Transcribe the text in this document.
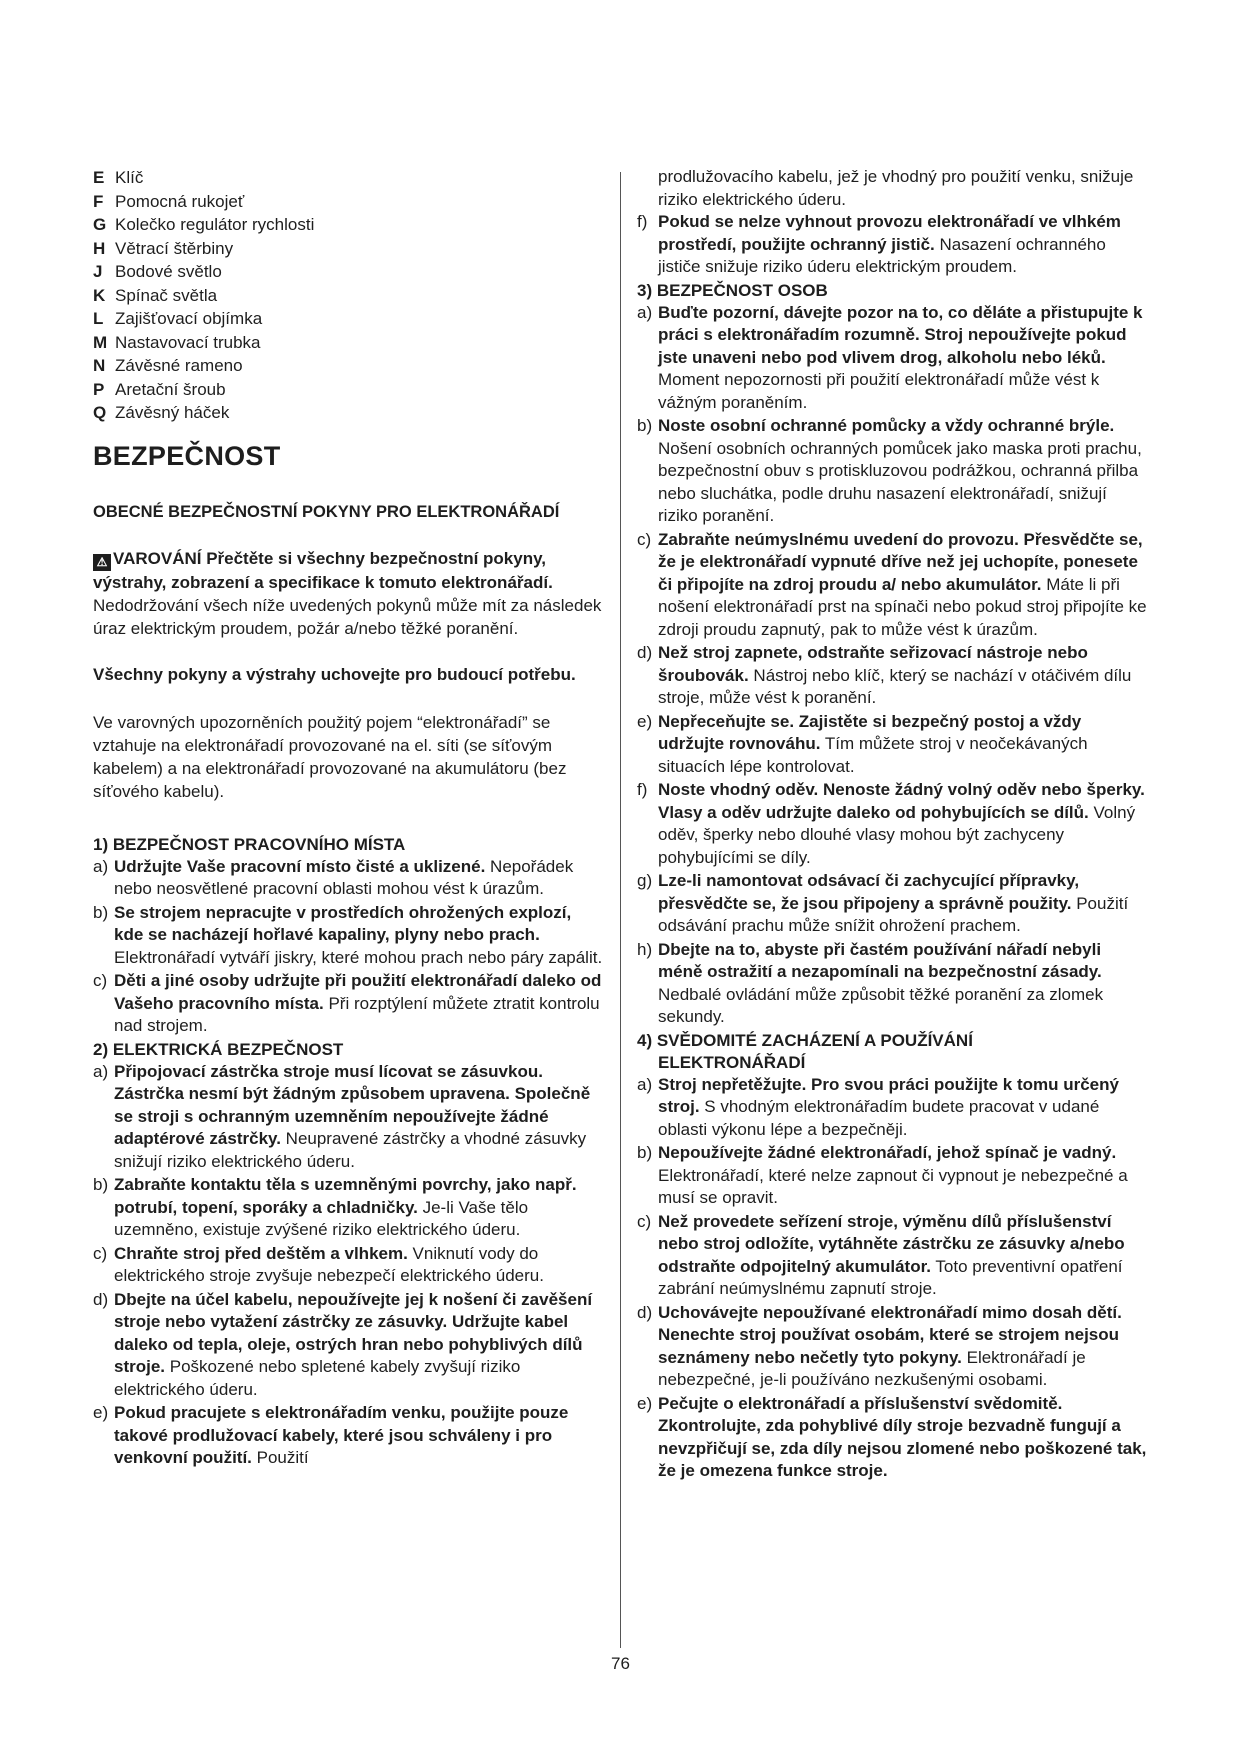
E Klíč
F Pomocná rukojeť
G Kolečko regulátor rychlosti
H Větrací štěrbiny
J Bodové světlo
K Spínač světla
L Zajišťovací objímka
M Nastavovací trubka
N Závěsné rameno
P Aretační šroub
Q Závěsný háček
BEZPEČNOST
OBECNÉ BEZPEČNOSTNÍ POKYNY PRO ELEKTRONÁŘADÍ

⚠ VAROVÁNÍ Přečtěte si všechny bezpečnostní pokyny, výstrahy, zobrazení a specifikace k tomuto elektronářadí. Nedodržování všech níže uvedených pokynů může mít za následek úraz elektrickým proudem, požár a/nebo těžké poranění.

Všechny pokyny a výstrahy uchovejte pro budoucí potřebu.

Ve varovných upozorněních použitý pojem “elektronářadí” se vztahuje na elektronářadí provozované na el. síti (se síťovým kabelem) a na elektronářadí provozované na akumulátoru (bez síťového kabelu).

1) BEZPEČNOST PRACOVNÍHO MÍSTA
a) Udržujte Vaše pracovní místo čisté a uklizené. Nepořádek nebo neosvětlené pracovní oblasti mohou vést k úrazům.
b) Se strojem nepracujte v prostředích ohrožených explozí, kde se nacházejí hořlavé kapaliny, plyny nebo prach. Elektronářadí vytváří jiskry, které mohou prach nebo páry zapálit.
c) Děti a jiné osoby udržujte při použití elektronářadí daleko od Vašeho pracovního místa. Při rozptýlení můžete ztratit kontrolu nad strojem.
2) ELEKTRICKÁ BEZPEČNOST
a) Připojovací zástrčka stroje musí lícovat se zásuvkou. Zástrčka nesmí být žádným způsobem upravena. Společně se stroji s ochranným uzemněním nepoužívejte žádné adaptérové zástrčky. Neupravené zástrčky a vhodné zásuvky snižují riziko elektrického úderu.
b) Zabraňte kontaktu těla s uzemněnými povrchy, jako např. potrubí, topení, sporáky a chladničky. Je-li Vaše tělo uzemněno, existuje zvýšené riziko elektrického úderu.
c) Chraňte stroj před deštěm a vlhkem. Vniknutí vody do elektrického stroje zvyšuje nebezpečí elektrického úderu.
d) Dbejte na účel kabelu, nepoužívejte jej k nošení či zavěšení stroje nebo vytažení zástrčky ze zásuvky. Udržujte kabel daleko od tepla, oleje, ostrých hran nebo pohyblivých dílů stroje. Poškozené nebo spletené kabely zvyšují riziko elektrického úderu.
e) Pokud pracujete s elektronářadím venku, použijte pouze takové prodlužovací kabely, které jsou schváleny i pro venkovní použití. Použití

prodlužovacího kabelu, jež je vhodný pro použití venku, snižuje riziko elektrického úderu.

f) Pokud se nelze vyhnout provozu elektronářadí ve vlhkém prostředí, použijte ochranný jistič. Nasazení ochranného jističe snižuje riziko úderu elektrickým proudem.
3) BEZPEČNOST OSOB
a) Buďte pozorní, dávejte pozor na to, co děláte a přistupujte k práci s elektronářadím rozumně. Stroj nepoužívejte pokud jste unaveni nebo pod vlivem drog, alkoholu nebo léků. Moment nepozornosti při použití elektronářadí může vést k vážným poraněním.
b) Noste osobní ochranné pomůcky a vždy ochranné brýle. Nošení osobních ochranných pomůcek jako maska proti prachu, bezpečnostní obuv s protiskluzovou podrážkou, ochranná přilba nebo sluchátka, podle druhu nasazení elektronářadí, snižují riziko poranění.
c) Zabraňte neúmyslnému uvedení do provozu. Přesvědčte se, že je elektronářadí vypnuté dříve než jej uchopíte, ponesete či připojíte na zdroj proudu a/ nebo akumulátor. Máte li při nošení elektronářadí prst na spínači nebo pokud stroj připojíte ke zdroji proudu zapnutý, pak to může vést k úrazům.
d) Než stroj zapnete, odstraňte seřizovací nástroje nebo šroubovák. Nástroj nebo klíč, který se nachází v otáčivém dílu stroje, může vést k poranění.
e) Nepřeceňujte se. Zajistěte si bezpečný postoj a vždy udržujte rovnováhu. Tím můžete stroj v neočekávaných situacích lépe kontrolovat.
f) Noste vhodný oděv. Nenoste žádný volný oděv nebo šperky. Vlasy a oděv udržujte daleko od pohybujících se dílů. Volný oděv, šperky nebo dlouhé vlasy mohou být zachyceny pohybujícími se díly.
g) Lze-li namontovat odsávací či zachycující přípravky, přesvědčte se, že jsou připojeny a správně použity. Použití odsávání prachu může snížit ohrožení prachem.
h) Dbejte na to, abyste při častém používání nářadí nebyli méně ostražití a nezapomínali na bezpečnostní zásady. Nedbalé ovládání může způsobit těžké poranění za zlomek sekundy.
4) SVĚDOMITÉ ZACHÁZENÍ A POUŽÍVÁNÍ
ELEKTRONÁŘADÍ
a) Stroj nepřetěžujte. Pro svou práci použijte k tomu určený stroj. S vhodným elektronářadím budete pracovat v udané oblasti výkonu lépe a bezpečněji.
b) Nepoužívejte žádné elektronářadí, jehož spínač je vadný. Elektronářadí, které nelze zapnout či vypnout je nebezpečné a musí se opravit.
c) Než provedete seřízení stroje, výměnu dílů příslušenství nebo stroj odložíte, vytáhněte zástrčku ze zásuvky a/nebo odstraňte odpojitelný akumulátor. Toto preventivní opatření zabrání neúmyslnému zapnutí stroje.
d) Uchovávejte nepoužívané elektronářadí mimo dosah dětí. Nenechte stroj používat osobám, které se strojem nejsou seznámeny nebo nečetly tyto pokyny. Elektronářadí je nebezpečné, je-li používáno nezkušenými osobami.
e) Pečujte o elektronářadí a příslušenství svědomitě. Zkontrolujte, zda pohyblivé díly stroje bezvadně fungují a nevzpřičují se, zda díly nejsou zlomené nebo poškozené tak, že je omezena funkce stroje.
76
